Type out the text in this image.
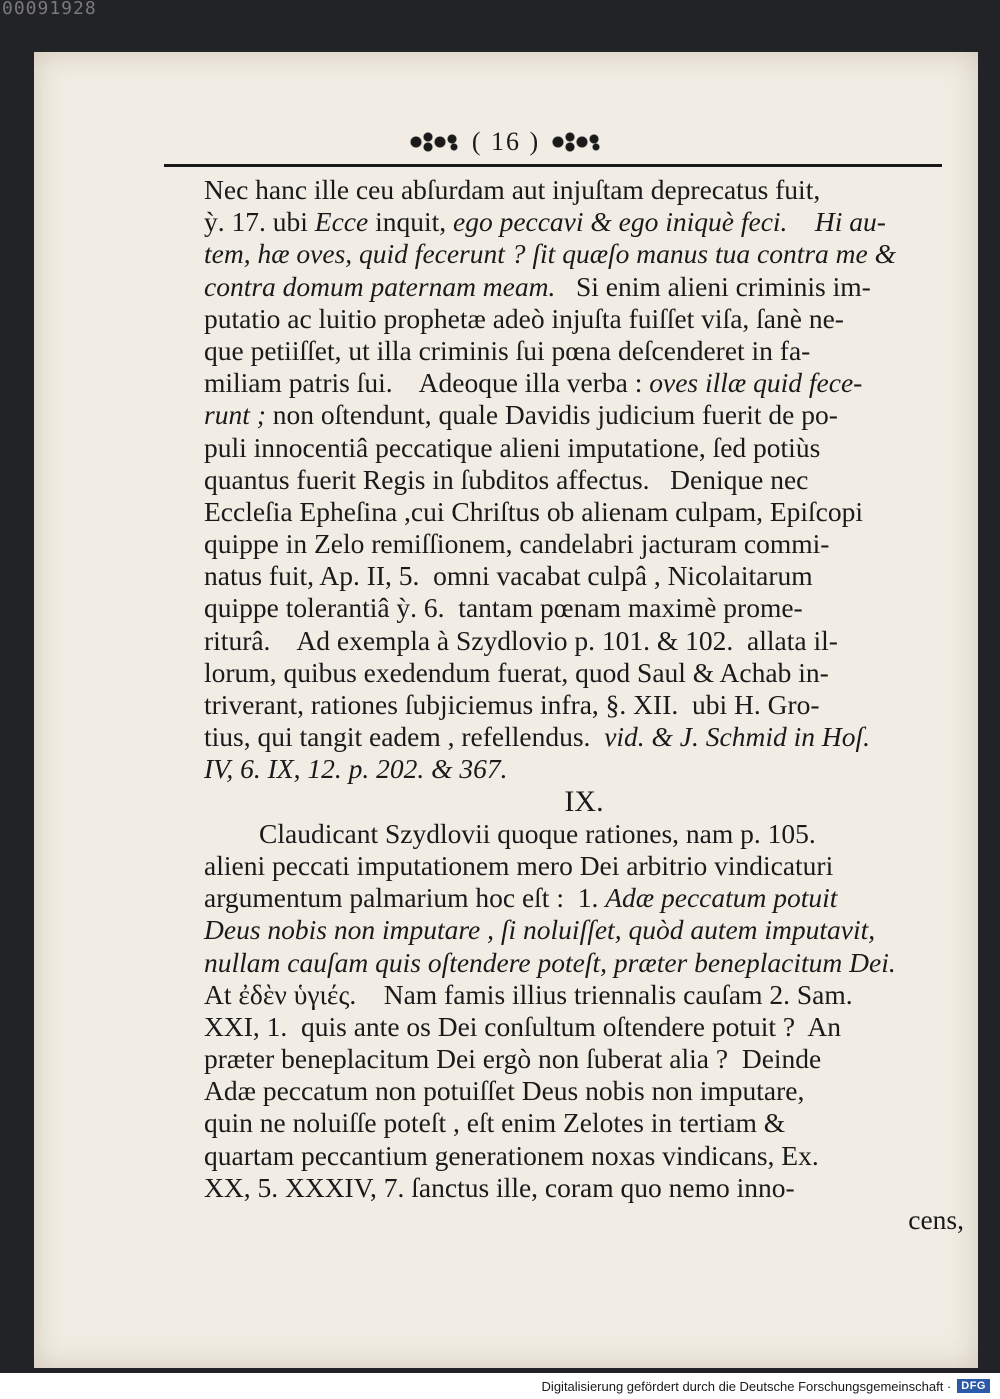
00091928
( 16 )
Nec hanc ille ceu abſurdam aut injuſtam deprecatus fuit,
ỳ. 17. ubi Ecce inquit, ego peccavi & ego iniquè feci.    Hi au-
tem, hæ oves, quid fecerunt ? ſit quæſo manus tua contra me &
contra domum paternam meam.   Si enim alieni criminis im-
putatio ac luitio prophetæ adeò injuſta fuiſſet viſa, ſanè ne-
que petiiſſet, ut illa criminis ſui pœna deſcenderet in fa-
miliam patris ſui.    Adeoque illa verba : oves illæ quid fece-
runt ; non oſtendunt, quale Davidis judicium fuerit de po-
puli innocentiâ peccatique alieni imputatione, ſed potiùs
quantus fuerit Regis in ſubditos affectus.   Denique nec
Eccleſia Epheſina ,cui Chriſtus ob alienam culpam, Epiſcopi
quippe in Zelo remiſſionem, candelabri jacturam commi-
natus fuit, Ap. II, 5.  omni vacabat culpâ , Nicolaitarum
quippe tolerantiâ ỳ. 6.  tantam pœnam maximè prome-
riturâ.    Ad exempla à Szydlovio p. 101. & 102.  allata il-
lorum, quibus exedendum fuerat, quod Saul & Achab in-
triverant, rationes ſubjiciemus infra, §. XII.  ubi H. Gro-
tius, qui tangit eadem , refellendus.  vid. & J. Schmid in Hoſ.
IV, 6. IX, 12. p. 202. & 367.
IX.
Claudicant Szydlovii quoque rationes, nam p. 105.
alieni peccati imputationem mero Dei arbitrio vindicaturi
argumentum palmarium hoc eſt :  1. Adæ peccatum potuit
Deus nobis non imputare , ſi noluiſſet, quòd autem imputavit,
nullam cauſam quis oſtendere poteſt, præter beneplacitum Dei.
At ἐδὲν ὑγιές.    Nam famis illius triennalis cauſam 2. Sam.
XXI, 1.  quis ante os Dei conſultum oſtendere potuit ?  An
præter beneplacitum Dei ergò non ſuberat alia ?  Deinde
Adæ peccatum non potuiſſet Deus nobis non imputare,
quin ne noluiſſe poteſt , eſt enim Zelotes in tertiam &
quartam peccantium generationem noxas vindicans, Ex.
XX, 5. XXXIV, 7. ſanctus ille, coram quo nemo inno-
cens,
Digitalisierung gefördert durch die Deutsche Forschungsgemeinschaft · DFG
